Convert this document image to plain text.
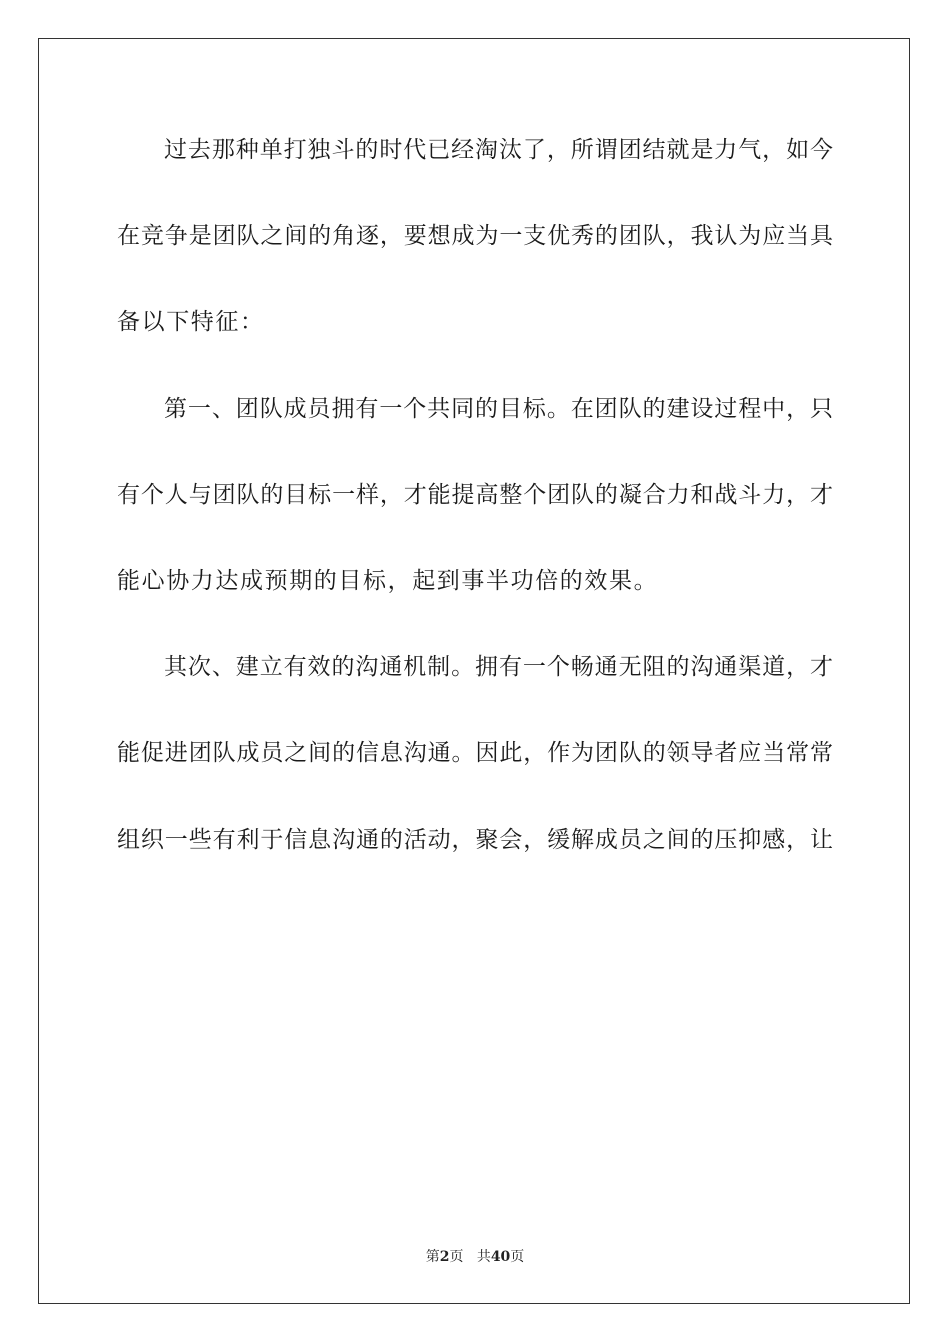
过去那种单打独斗的时代已经淘汰了，所谓团结就是力气，如今
在竞争是团队之间的角逐，要想成为一支优秀的团队，我认为应当具
备以下特征：
第一、团队成员拥有一个共同的目标。在团队的建设过程中，只
有个人与团队的目标一样，才能提高整个团队的凝合力和战斗力，才
能心协力达成预期的目标，起到事半功倍的效果。
其次、建立有效的沟通机制。拥有一个畅通无阻的沟通渠道，才
能促进团队成员之间的信息沟通。因此，作为团队的领导者应当常常
组织一些有利于信息沟通的活动，聚会，缓解成员之间的压抑感，让
第2页 共40页
